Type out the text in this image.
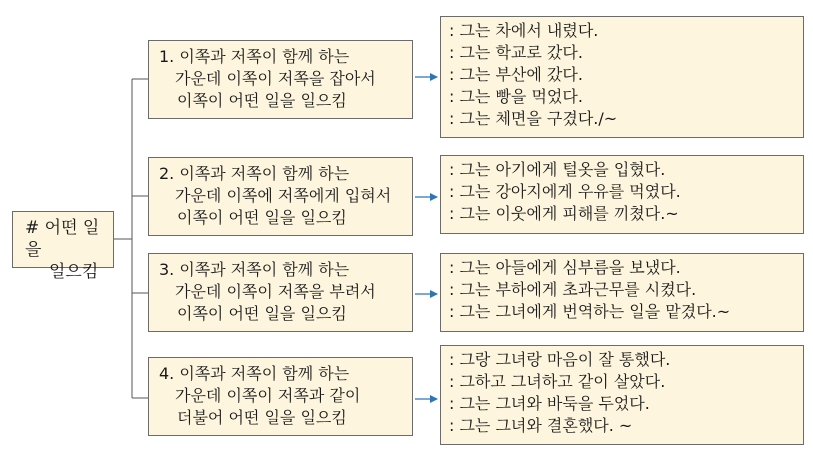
# 어떤 일을
일으킴
1. 이쪽과 저쪽이 함께 하는
가운데 이쪽이 저쪽을 잡아서
이쪽이 어떤 일을 일으킴
: 그는 차에서 내렸다.
: 그는 학교로 갔다.
: 그는 부산에 갔다.
: 그는 빵을 먹었다.
: 그는 체면을 구겼다./~
2. 이쪽과 저쪽이 함께 하는
가운데 이쪽에 저쪽에게 입혀서
이쪽이 어떤 일을 일으킴
: 그는 아기에게 털옷을 입혔다.
: 그는 강아지에게 우유를 먹였다.
: 그는 이웃에게 피해를 끼쳤다.~
3. 이쪽과 저쪽이 함께 하는
가운데 이쪽이 저쪽을 부려서
이쪽이 어떤 일을 일으킴
: 그는 아들에게 심부름을 보냈다.
: 그는 부하에게 초과근무를 시켰다.
: 그는 그녀에게 번역하는 일을 맡겼다.~
4. 이쪽과 저쪽이 함께 하는
가운데 이쪽이 저쪽과 같이
더불어 어떤 일을 일으킴
: 그랑 그녀랑 마음이 잘 통했다.
: 그하고 그녀하고 같이 살았다.
: 그는 그녀와 바둑을 두었다.
: 그는 그녀와 결혼했다. ~
